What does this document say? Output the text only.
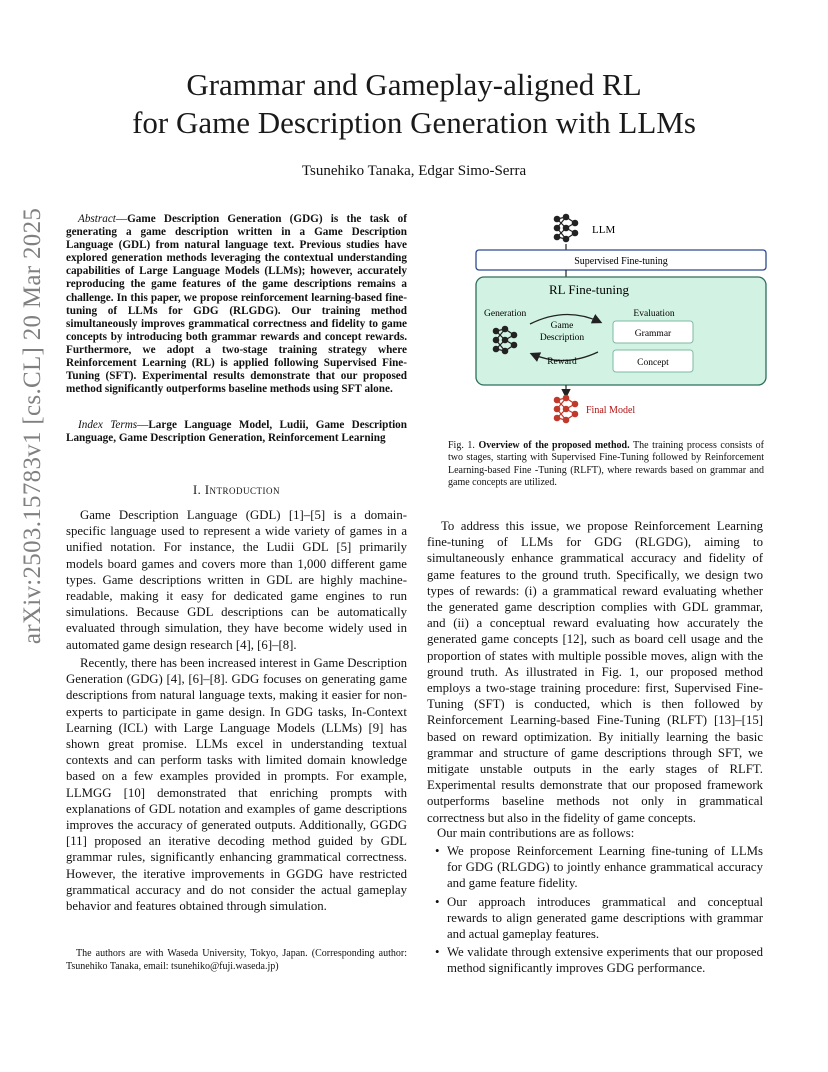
arXiv:2503.15783v1 [cs.CL] 20 Mar 2025
Grammar and Gameplay-aligned RL
for Game Description Generation with LLMs
Tsunehiko Tanaka, Edgar Simo-Serra

Abstract—Game Description Generation (GDG) is the task of generating a game description written in a Game Description Language (GDL) from natural language text. Previous studies have explored generation methods leveraging the contextual understanding capabilities of Large Language Models (LLMs); however, accurately reproducing the game features of the game descriptions remains a challenge. In this paper, we propose reinforcement learning-based fine-tuning of LLMs for GDG (RLGDG). Our training method simultaneously improves grammatical correctness and fidelity to game concepts by introducing both grammar rewards and concept rewards. Furthermore, we adopt a two-stage training strategy where Reinforcement Learning (RL) is applied following Supervised Fine-Tuning (SFT). Experimental results demonstrate that our proposed method significantly outperforms baseline methods using SFT alone.

Index Terms—Large Language Model, Ludii, Game Description Language, Game Description Generation, Reinforcement Learning

I. Introduction

Game Description Language (GDL) [1]–[5] is a domain-specific language used to represent a wide variety of games in a unified notation. For instance, the Ludii GDL [5] primarily models board games and covers more than 1,000 different game types. Game descriptions written in GDL are highly machine-readable, making it easy for dedicated game engines to run simulations. Because GDL descriptions can be automatically evaluated through simulation, they have become widely used in automated game design research [4], [6]–[8].

Recently, there has been increased interest in Game Description Generation (GDG) [4], [6]–[8]. GDG focuses on generating game descriptions from natural language texts, making it easier for non-experts to participate in game design. In GDG tasks, In-Context Learning (ICL) with Large Language Models (LLMs) [9] has shown great promise. LLMs excel in understanding textual contexts and can perform tasks with limited domain knowledge based on a few examples provided in prompts. For example, LLMGG [10] demonstrated that enriching prompts with explanations of GDL notation and examples of game descriptions improves the accuracy of generated outputs. Additionally, GGDG [11] proposed an iterative decoding method guided by GDL grammar rules, significantly enhancing grammatical correctness. However, the iterative improvements in GGDG have restricted grammatical accuracy and do not consider the actual gameplay behavior and features obtained through simulation.

The authors are with Waseda University, Tokyo, Japan. (Corresponding author: Tsunehiko Tanaka, email: tsunehiko@fuji.waseda.jp)

LLM
Supervised Fine-tuning
RL Fine-tuning
Generation
Game
Description
Reward
Evaluation
Grammar
Concept
Final Model

Fig. 1. Overview of the proposed method. The training process consists of two stages, starting with Supervised Fine-Tuning followed by Reinforcement Learning-based Fine -Tuning (RLFT), where rewards based on grammar and game concepts are utilized.

To address this issue, we propose Reinforcement Learning fine-tuning of LLMs for GDG (RLGDG), aiming to simultaneously enhance grammatical accuracy and fidelity of game features to the ground truth. Specifically, we design two types of rewards: (i) a grammatical reward evaluating whether the generated game description complies with GDL grammar, and (ii) a conceptual reward evaluating how accurately the generated game concepts [12], such as board cell usage and the proportion of states with multiple possible moves, align with the ground truth. As illustrated in Fig. 1, our proposed method employs a two-stage training procedure: first, Supervised Fine-Tuning (SFT) is conducted, which is then followed by Reinforcement Learning-based Fine-Tuning (RLFT) [13]–[15] based on reward optimization. By initially learning the basic grammar and structure of game descriptions through SFT, we mitigate unstable outputs in the early stages of RLFT. Experimental results demonstrate that our proposed framework outperforms baseline methods not only in grammatical correctness but also in the fidelity of game concepts.

Our main contributions are as follows:

• We propose Reinforcement Learning fine-tuning of LLMs for GDG (RLGDG) to jointly enhance grammatical accuracy and game feature fidelity.
• Our approach introduces grammatical and conceptual rewards to align generated game descriptions with grammar and actual gameplay features.
• We validate through extensive experiments that our proposed method significantly improves GDG performance.
